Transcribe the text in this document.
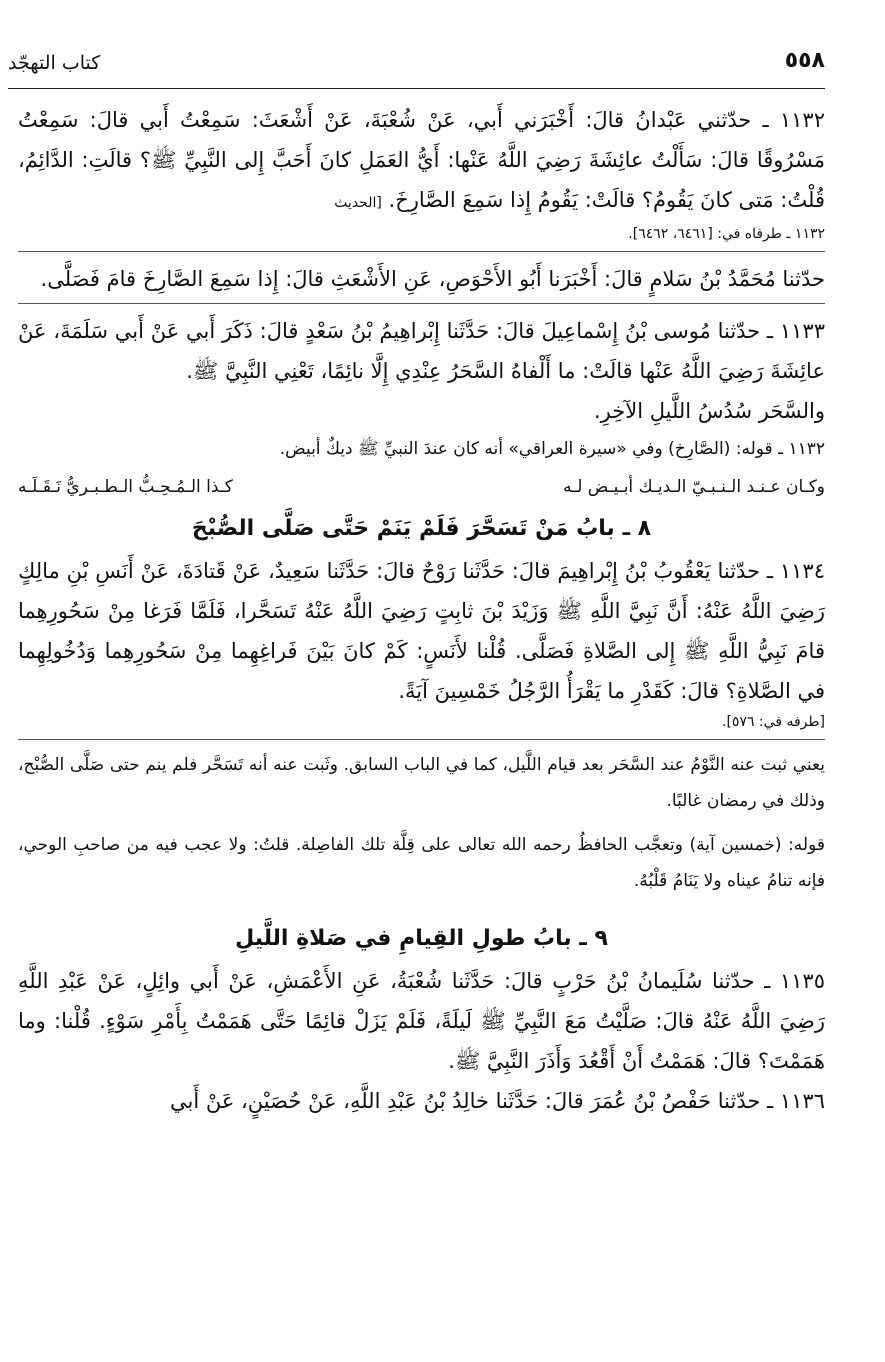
٥٥٨
كتاب التهجّد

١١٣٢ ـ حدّثني عَبْدانُ قالَ: أَخْبَرَني أَبي، عَنْ شُعْبَةَ، عَنْ أَشْعَثَ: سَمِعْتُ أَبي قالَ: سَمِعْتُ مَسْرُوقًا قالَ: سَأَلْتُ عائِشَةَ رَضِيَ اللَّهُ عَنْها: أَيُّ العَمَلِ كانَ أَحَبَّ إِلى النَّبِيِّ ﷺ؟ قالَتِ: الدَّائِمُ، قُلْتُ: مَتى كانَ يَقُومُ؟ قالَتْ: يَقُومُ إِذا سَمِعَ الصَّارِخَ. [الحديث

١١٣٢ ـ طرفاه في: [٦٤٦١، ٦٤٦٢].

حدّثنا مُحَمَّدُ بْنُ سَلامٍ قالَ: أَخْبَرَنا أَبُو الأَحْوَصِ، عَنِ الأَشْعَثِ قالَ: إِذا سَمِعَ الصَّارِخَ قامَ فَصَلَّى.

١١٣٣ ـ حدّثنا مُوسى بْنُ إِسْماعِيلَ قالَ: حَدَّثَنا إِبْراهِيمُ بْنُ سَعْدٍ قالَ: ذَكَرَ أَبي عَنْ أَبي سَلَمَةَ، عَنْ عائِشَةَ رَضِيَ اللَّهُ عَنْها قالَتْ: ما أَلْفاهُ السَّحَرُ عِنْدِي إِلَّا نائِمًا، تَعْنِي النَّبِيَّ ﷺ.

والسَّحَر سُدُسُ اللَّيلِ الآخِرِ.

١١٣٢ ـ قوله: (الصَّارِخ) وفي «سيرة العراقي» أنه كان عندَ النبيِّ ﷺ ديكٌ أبيض.

وكـان عـنـد الـنـبـيّ الـديـك أبـيـض لـه
كـذا الـمُـحِـبُّ الـطـبـريُّ نَـقَـلَـه

٨ ـ بابُ مَنْ تَسَحَّرَ فَلَمْ يَنَمْ حَتَّى صَلَّى الصُّبْحَ

١١٣٤ ـ حدّثنا يَعْقُوبُ بْنُ إِبْراهِيمَ قالَ: حَدَّثَنا رَوْحٌ قالَ: حَدَّثَنا سَعِيدٌ، عَنْ قَتادَةَ، عَنْ أَنَسِ بْنِ مالِكٍ رَضِيَ اللَّهُ عَنْهُ: أَنَّ نَبِيَّ اللَّهِ ﷺ وَزَيْدَ بْنَ ثابِتٍ رَضِيَ اللَّهُ عَنْهُ تَسَحَّرا، فَلَمَّا فَرَغا مِنْ سَحُورِهِما قامَ نَبِيُّ اللَّهِ ﷺ إِلى الصَّلاةِ فَصَلَّى. قُلْنا لأَنَسٍ: كَمْ كانَ بَيْنَ فَراغِهِما مِنْ سَحُورِهِما وَدُخُولِهِما في الصَّلاةِ؟ قالَ: كَقَدْرِ ما يَقْرَأُ الرَّجُلُ خَمْسِينَ آيَةً.

[طرفه في: ٥٧٦].

يعني ثبت عنه النَّوْمُ عند السَّحَر بعد قيام اللَّيل، كما في الباب السابق. وثَبت عنه أنه تَسَحَّر فلم ينم حتى صَلَّى الصُّبْح، وذلك في رمضان غالبًا.

قوله: (خمسين آية) وتعجَّب الحافظُ رحمه الله تعالى على قِلَّة تلك الفاصِلة. قلتُ: ولا عجب فيه من صاحبِ الوحي، فإنه تنامُ عيناه ولا يَنَامُ قَلْبُهُ.

٩ ـ بابُ طولِ القِيامِ في صَلاةِ اللَّيلِ

١١٣٥ ـ حدّثنا سُلَيمانُ بْنُ حَرْبٍ قالَ: حَدَّثَنا شُعْبَةُ، عَنِ الأَعْمَشِ، عَنْ أَبي وائِلٍ، عَنْ عَبْدِ اللَّهِ رَضِيَ اللَّهُ عَنْهُ قالَ: صَلَّيْتُ مَعَ النَّبِيِّ ﷺ لَيلَةً، فَلَمْ يَزَلْ قائِمًا حَتَّى هَمَمْتُ بِأَمْرِ سَوْءٍ. قُلْنا: وما هَمَمْتَ؟ قالَ: هَمَمْتُ أَنْ أَقْعُدَ وَأَذَرَ النَّبِيَّ ﷺ.

١١٣٦ ـ حدّثنا حَفْصُ بْنُ عُمَرَ قالَ: حَدَّثَنا خالِدُ بْنُ عَبْدِ اللَّهِ، عَنْ حُصَيْنٍ، عَنْ أَبي
